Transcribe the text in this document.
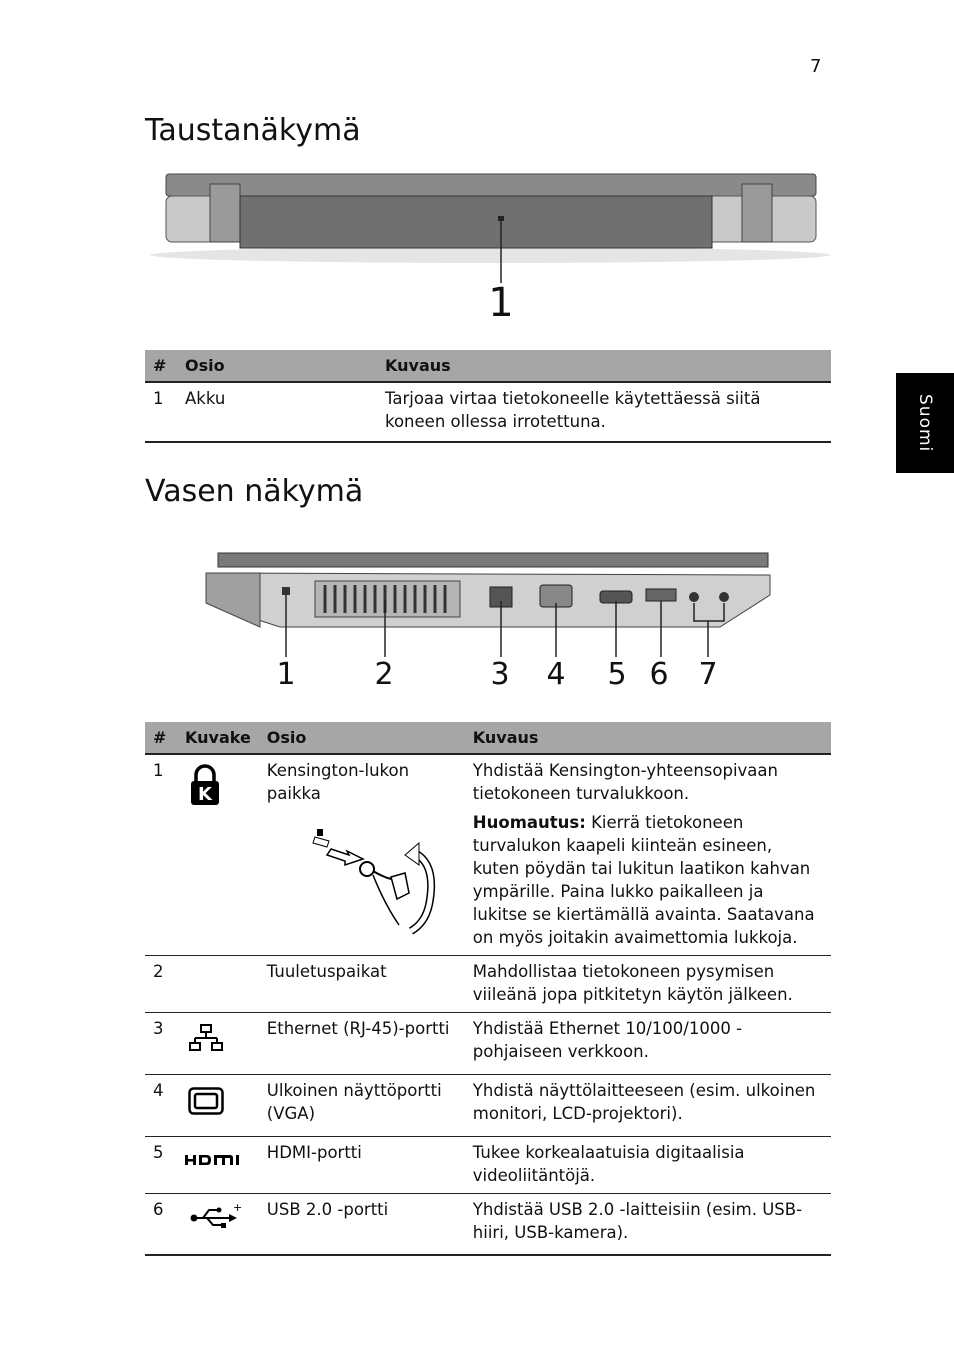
7
Suomi
Taustanäkymä
1
#	Osio	Kuvaus
1	Akku	Tarjoaa virtaa tietokoneelle käytettäessä siitä koneen ollessa irrotettuna.
Vasen näkymä
1	2	3 4 5 6 7
#	Kuvake	Osio	Kuvaus
1	K	Kensington-lukon paikka	Yhdistää Kensington-yhteensopivaan tietokoneen turvalukkoon.
Huomautus: Kierrä tietokoneen turvalukon kaapeli kiinteän esineen, kuten pöydän tai lukitun laatikon kahvan ympärille. Paina lukko paikalleen ja lukitse se kiertämällä avainta. Saatavana on myös joitakin avaimettomia lukkoja.

2		Tuuletuspaikat	Mahdollistaa tietokoneen pysymisen viileänä jopa pitkitetyn käytön jälkeen.
3		Ethernet (RJ-45)-portti	Yhdistää Ethernet 10/100/1000 -pohjaiseen verkkoon.
4		Ulkoinen näyttöportti (VGA)	Yhdistä näyttölaitteeseen (esim. ulkoinen monitori, LCD-projektori).
5		HDMI-portti	Tukee korkealaatuisia digitaalisia videoliitäntöjä.
6	+	USB 2.0 -portti	Yhdistää USB 2.0 -laitteisiin (esim. USB-hiiri, USB-kamera).
